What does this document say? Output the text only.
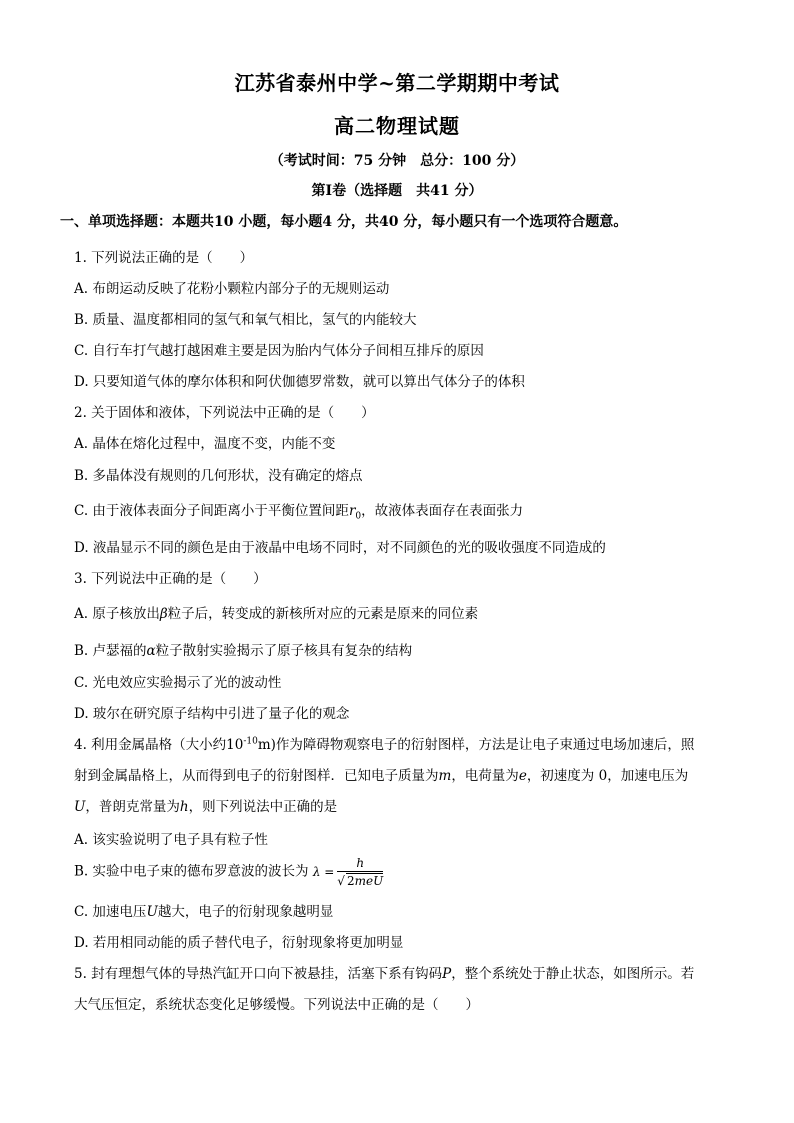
江苏省泰州中学~第二学期期中考试
高二物理试题
（考试时间：75 分钟　总分：100 分）
第Ⅰ卷（选择题　共41 分）
一、单项选择题：本题共10 小题，每小题4 分，共40 分，每小题只有一个选项符合题意。
1. 下列说法正确的是（　　）
A. 布朗运动反映了花粉小颗粒内部分子的无规则运动
B. 质量、温度都相同的氢气和氧气相比，氢气的内能较大
C. 自行车打气越打越困难主要是因为胎内气体分子间相互排斥的原因
D. 只要知道气体的摩尔体积和阿伏伽德罗常数，就可以算出气体分子的体积
2. 关于固体和液体，下列说法中正确的是（　　）
A. 晶体在熔化过程中，温度不变，内能不变
B. 多晶体没有规则的几何形状，没有确定的熔点
C. 由于液体表面分子间距离小于平衡位置间距$r_0$，故液体表面存在表面张力
D. 液晶显示不同的颜色是由于液晶中电场不同时，对不同颜色的光的吸收强度不同造成的
3. 下列说法中正确的是（　　）
A. 原子核放出β粒子后，转变成的新核所对应的元素是原来的同位素
B. 卢瑟福的α粒子散射实验揭示了原子核具有复杂的结构
C. 光电效应实验揭示了光的波动性
D. 玻尔在研究原子结构中引进了量子化的观念
4. 利用金属晶格（大小约$10^{-10}m$)作为障碍物观察电子的衍射图样，方法是让电子束通过电场加速后，照
射到金属晶格上，从而得到电子的衍射图样．已知电子质量为m，电荷量为e，初速度为 0，加速电压为
U，普朗克常量为h，则下列说法中正确的是
A. 该实验说明了电子具有粒子性
B. 实验中电子束的德布罗意波的波长为 $\lambda = \frac{h}{\text{√ 2meU}}$
C. 加速电压U越大，电子的衍射现象越明显
D. 若用相同动能的质子替代电子，衍射现象将更加明显
5. 封有理想气体的导热汽缸开口向下被悬挂，活塞下系有钩码P，整个系统处于静止状态，如图所示。若
大气压恒定，系统状态变化足够缓慢。下列说法中正确的是（　　）
